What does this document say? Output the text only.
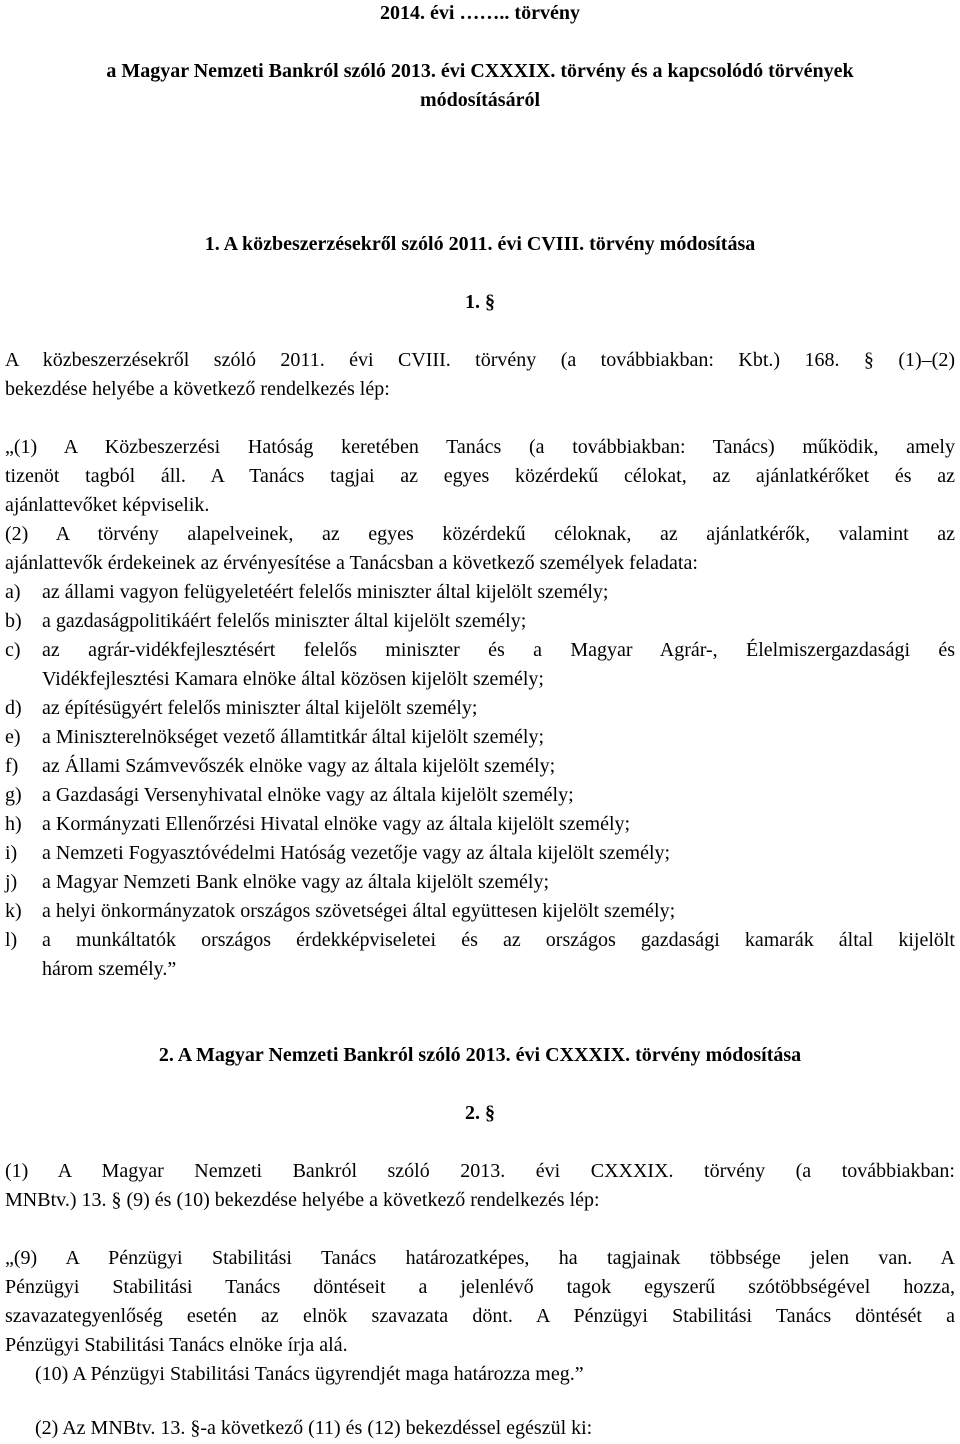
2014. évi …….. törvény
a Magyar Nemzeti Bankról szóló 2013. évi CXXXIX. törvény és a kapcsolódó törvények
módosításáról
1. A közbeszerzésekről szóló 2011. évi CVIII. törvény módosítása
1. §
A közbeszerzésekről szóló 2011. évi CVIII. törvény (a továbbiakban: Kbt.) 168. § (1)–(2)
bekezdése helyébe a következő rendelkezés lép:
„(1) A Közbeszerzési Hatóság keretében Tanács (a továbbiakban: Tanács) működik, amely
tizenöt tagból áll. A Tanács tagjai az egyes közérdekű célokat, az ajánlatkérőket és az
ajánlattevőket képviselik.
(2) A törvény alapelveinek, az egyes közérdekű céloknak, az ajánlatkérők, valamint az
ajánlattevők érdekeinek az érvényesítése a Tanácsban a következő személyek feladata:
a)	az állami vagyon felügyeletéért felelős miniszter által kijelölt személy;
b)	a gazdaságpolitikáért felelős miniszter által kijelölt személy;
c)	az agrár-vidékfejlesztésért felelős miniszter és a Magyar Agrár-, Élelmiszergazdasági és
Vidékfejlesztési Kamara elnöke által közösen kijelölt személy;
d)	az építésügyért felelős miniszter által kijelölt személy;
e)	a Miniszterelnökséget vezető államtitkár által kijelölt személy;
f)	az Állami Számvevőszék elnöke vagy az általa kijelölt személy;
g)	a Gazdasági Versenyhivatal elnöke vagy az általa kijelölt személy;
h)	a Kormányzati Ellenőrzési Hivatal elnöke vagy az általa kijelölt személy;
i)	a Nemzeti Fogyasztóvédelmi Hatóság vezetője vagy az általa kijelölt személy;
j)	a Magyar Nemzeti Bank elnöke vagy az általa kijelölt személy;
k)	a helyi önkormányzatok országos szövetségei által együttesen kijelölt személy;
l)	a munkáltatók országos érdekképviseletei és az országos gazdasági kamarák által kijelölt
három személy.”
2. A Magyar Nemzeti Bankról szóló 2013. évi CXXXIX. törvény módosítása
2. §
(1) A Magyar Nemzeti Bankról szóló 2013. évi CXXXIX. törvény (a továbbiakban:
MNBtv.) 13. § (9) és (10) bekezdése helyébe a következő rendelkezés lép:
„(9) A Pénzügyi Stabilitási Tanács határozatképes, ha tagjainak többsége jelen van. A
Pénzügyi Stabilitási Tanács döntéseit a jelenlévő tagok egyszerű szótöbbségével hozza,
szavazategyenlőség esetén az elnök szavazata dönt. A Pénzügyi Stabilitási Tanács döntését a
Pénzügyi Stabilitási Tanács elnöke írja alá.
(10) A Pénzügyi Stabilitási Tanács ügyrendjét maga határozza meg.”
(2) Az MNBtv. 13. §-a következő (11) és (12) bekezdéssel egészül ki:
